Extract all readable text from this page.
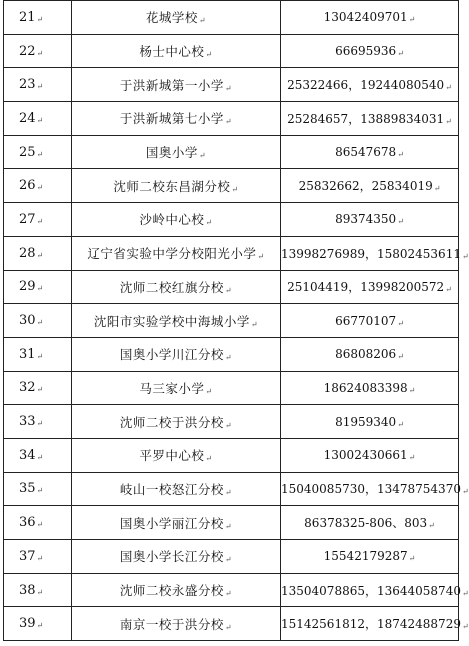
21↵	花城学校↵	13042409701↵
22↵	杨士中心校↵	66695936↵
23↵	于洪新城第一小学↵	25322466，19244080540↵
24↵	于洪新城第七小学↵	25284657，13889834031↵
25↵	国奥小学↵	86547678↵
26↵	沈师二校东昌湖分校↵	25832662，25834019↵
27↵	沙岭中心校↵	89374350↵
28↵	辽宁省实验中学分校阳光小学↵	13998276989，15802453611↵
29↵	沈师二校红旗分校↵	25104419，13998200572↵
30↵	沈阳市实验学校中海城小学↵	66770107↵
31↵	国奥小学川江分校↵	86808206↵
32↵	马三家小学↵	18624083398↵
33↵	沈师二校于洪分校↵	81959340↵
34↵	平罗中心校↵	13002430661↵
35↵	岐山一校怒江分校↵	15040085730，13478754370↵
36↵	国奥小学丽江分校↵	86378325-806、803↵
37↵	国奥小学长江分校↵	15542179287↵
38↵	沈师二校永盛分校↵	13504078865，13644058740↵
39↵	南京一校于洪分校↵	15142561812，18742488729↵
